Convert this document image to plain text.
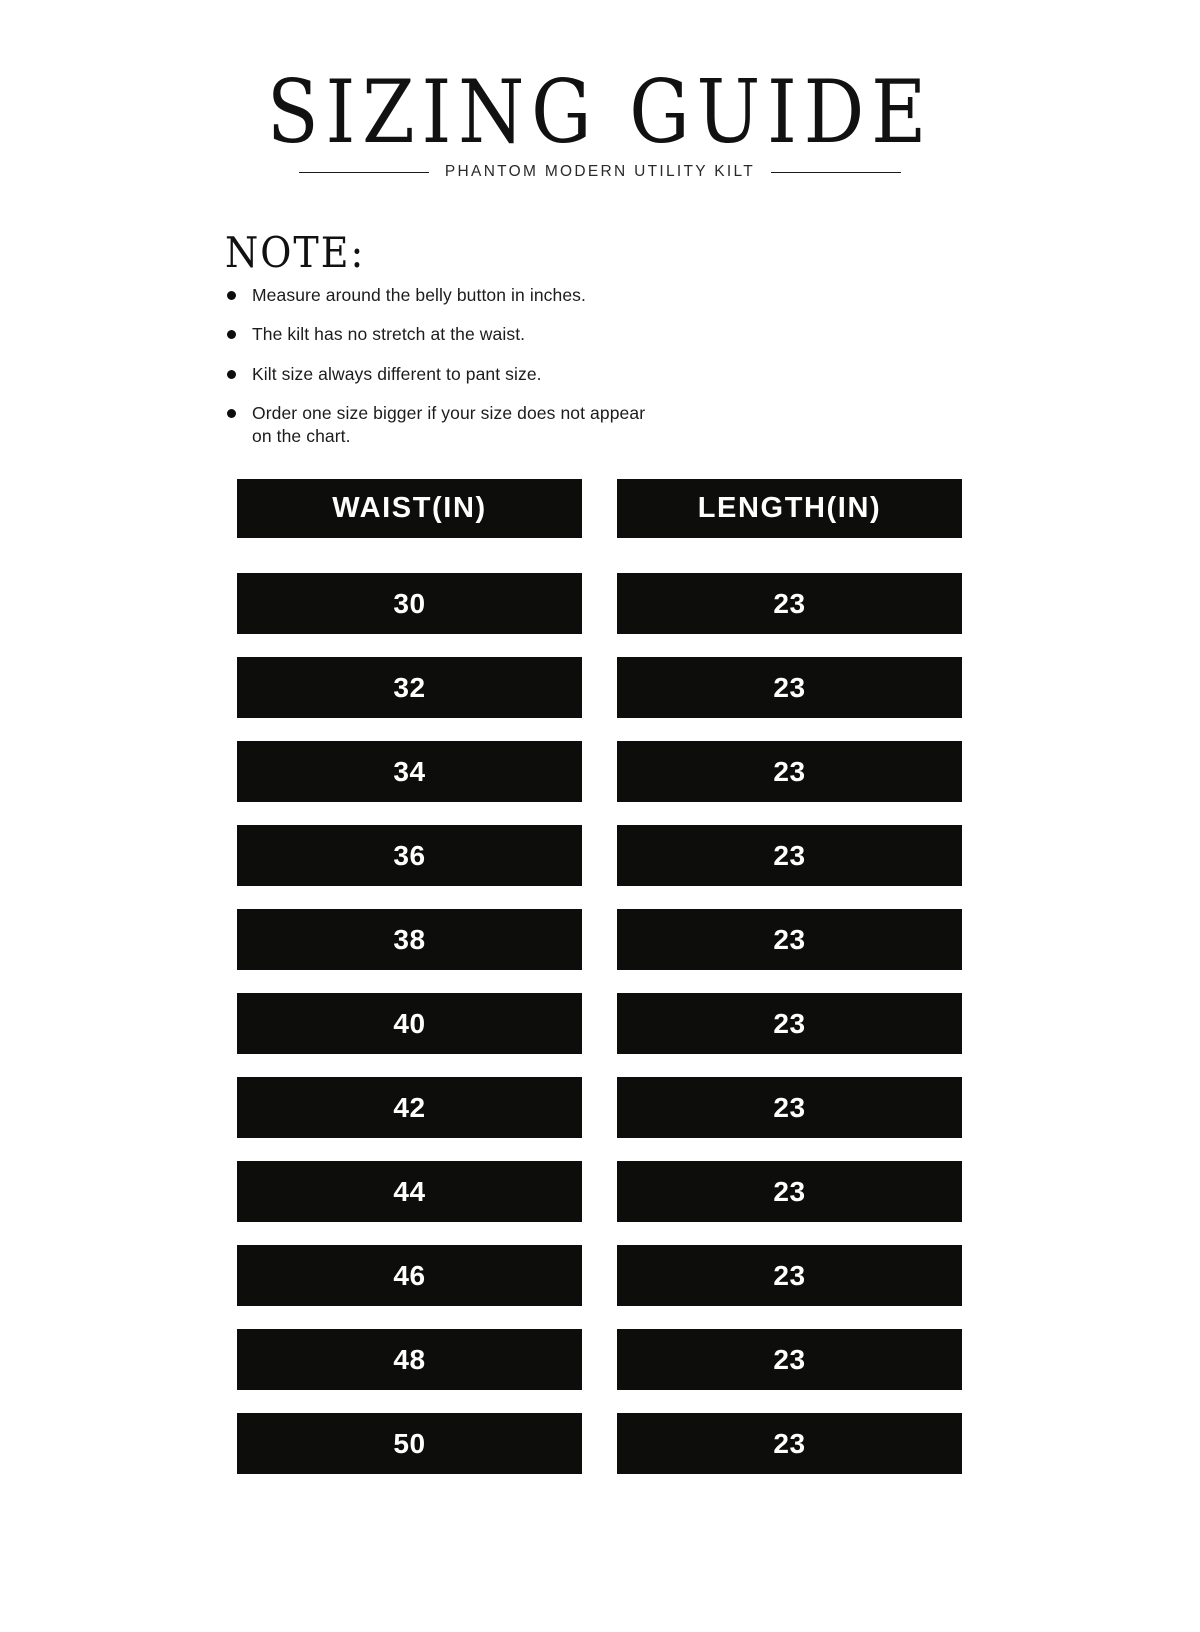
SIZING GUIDE
PHANTOM MODERN UTILITY KILT
NOTE:
Measure around the belly button in inches.
The kilt has no stretch at the waist.
Kilt size always different to pant size.
Order one size bigger if your size does not appear on the chart.
WAIST(IN)	LENGTH(IN)
30	23
32	23
34	23
36	23
38	23
40	23
42	23
44	23
46	23
48	23
50	23
